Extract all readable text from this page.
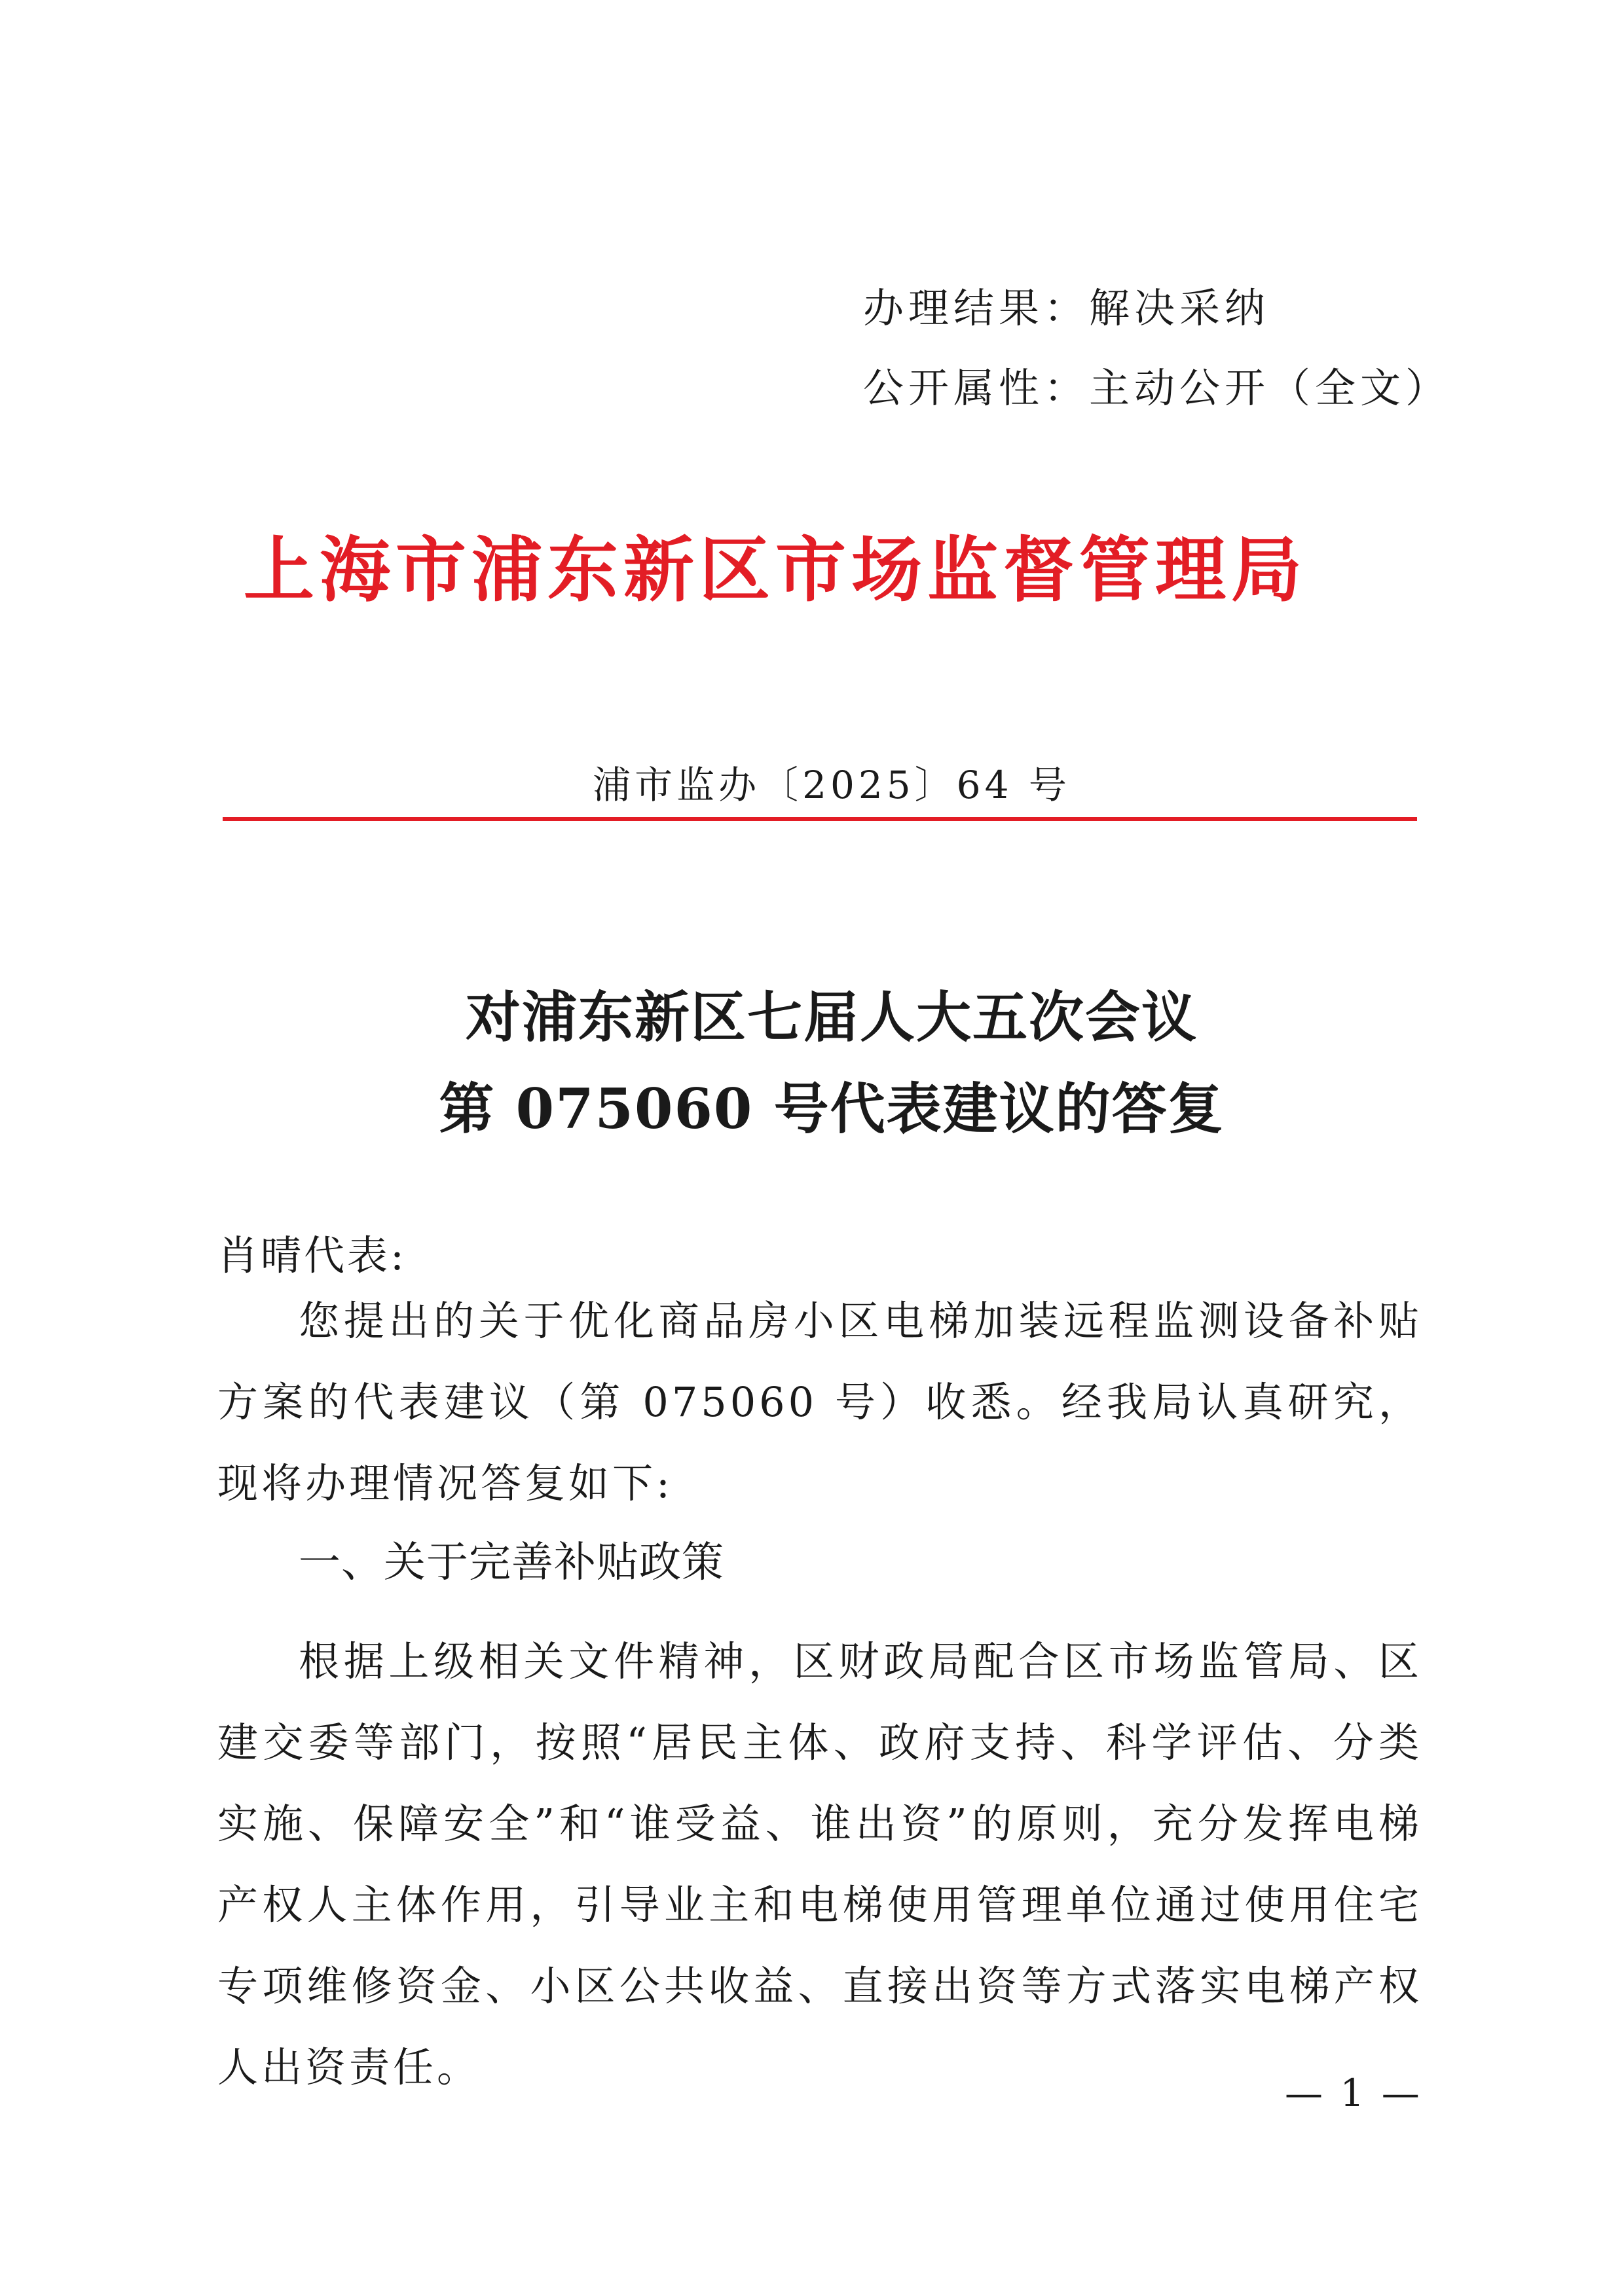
办理结果：解决采纳
公开属性：主动公开（全文）
上海市浦东新区市场监督管理局
浦市监办〔2025〕64 号
对浦东新区七届人大五次会议
第 075060 号代表建议的答复
肖晴代表:
您提出的关于优化商品房小区电梯加装远程监测设备补贴方案的代表建议（第 075060 号）收悉。经我局认真研究，现将办理情况答复如下:
一、关于完善补贴政策
根据上级相关文件精神，区财政局配合区市场监管局、区建交委等部门，按照“居民主体、政府支持、科学评估、分类实施、保障安全”和“谁受益、谁出资”的原则，充分发挥电梯产权人主体作用，引导业主和电梯使用管理单位通过使用住宅专项维修资金、小区公共收益、直接出资等方式落实电梯产权人出资责任。
— 1 —
